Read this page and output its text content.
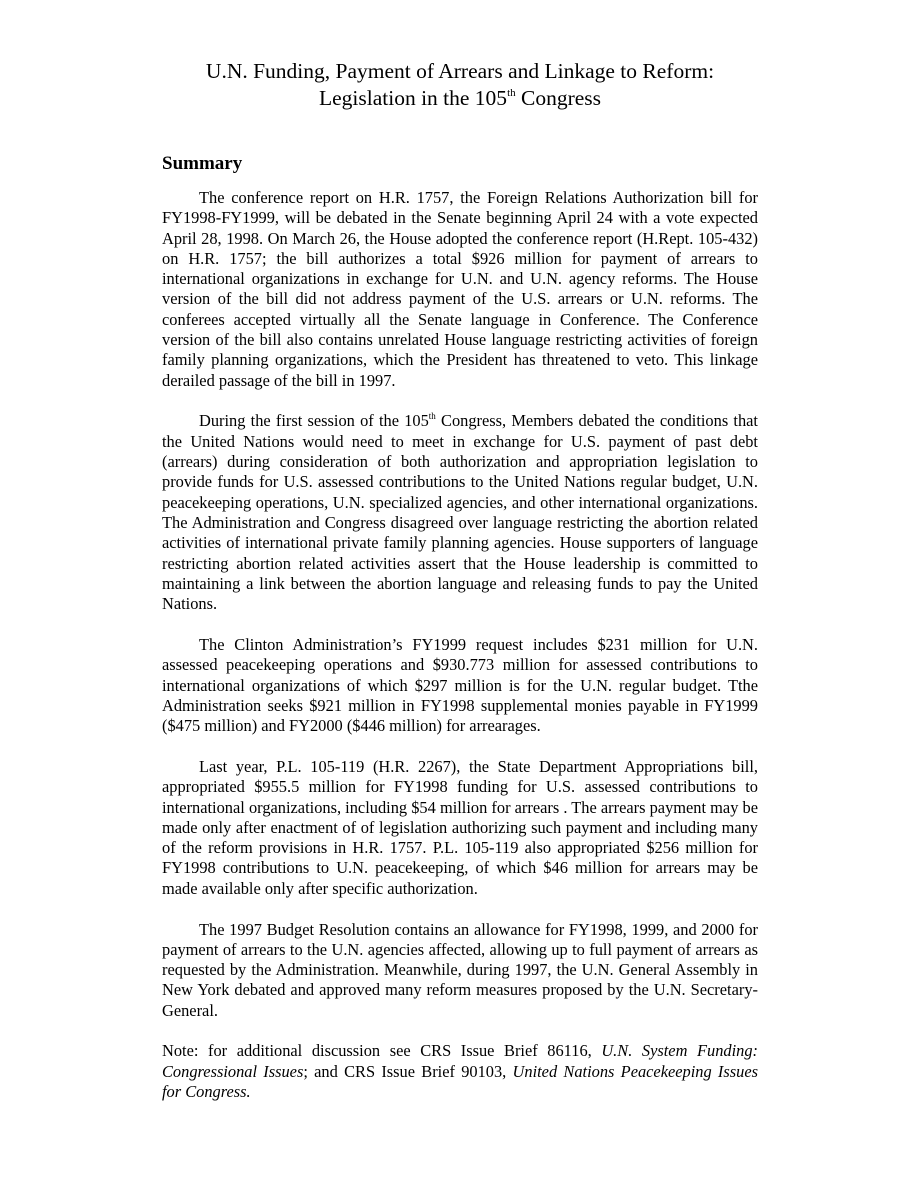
U.N. Funding, Payment of Arrears and Linkage to Reform:
Legislation in the 105th Congress
Summary

The conference report on H.R. 1757, the Foreign Relations Authorization bill for FY1998-FY1999, will be debated in the Senate beginning April 24 with a vote expected April 28, 1998. On March 26, the House adopted the conference report (H.Rept. 105-432) on H.R. 1757; the bill authorizes a total $926 million for payment of arrears to international organizations in exchange for U.N. and U.N. agency reforms. The House version of the bill did not address payment of the U.S. arrears or U.N. reforms. The conferees accepted virtually all the Senate language in Conference. The Conference version of the bill also contains unrelated House language restricting activities of foreign family planning organizations, which the President has threatened to veto. This linkage derailed passage of the bill in 1997.

During the first session of the 105th Congress, Members debated the conditions that the United Nations would need to meet in exchange for U.S. payment of past debt (arrears) during consideration of both authorization and appropriation legislation to provide funds for U.S. assessed contributions to the United Nations regular budget, U.N. peacekeeping operations, U.N. specialized agencies, and other international organizations. The Administration and Congress disagreed over language restricting the abortion related activities of international private family planning agencies. House supporters of language restricting abortion related activities assert that the House leadership is committed to maintaining a link between the abortion language and releasing funds to pay the United Nations.

The Clinton Administration’s FY1999 request includes $231 million for U.N. assessed peacekeeping operations and $930.773 million for assessed contributions to international organizations of which $297 million is for the U.N. regular budget. Tthe Administration seeks $921 million in FY1998 supplemental monies payable in FY1999 ($475 million) and FY2000 ($446 million) for arrearages.

Last year, P.L. 105-119 (H.R. 2267), the State Department Appropriations bill, appropriated $955.5 million for FY1998 funding for U.S. assessed contributions to international organizations, including $54 million for arrears . The arrears payment may be made only after enactment of of legislation authorizing such payment and including many of the reform provisions in H.R. 1757. P.L. 105-119 also appropriated $256 million for FY1998 contributions to U.N. peacekeeping, of which $46 million for arrears may be made available only after specific authorization.

The 1997 Budget Resolution contains an allowance for FY1998, 1999, and 2000 for payment of arrears to the U.N. agencies affected, allowing up to full payment of arrears as requested by the Administration. Meanwhile, during 1997, the U.N. General Assembly in New York debated and approved many reform measures proposed by the U.N. Secretary-General.

Note: for additional discussion see CRS Issue Brief 86116, U.N. System Funding: Congressional Issues; and CRS Issue Brief 90103, United Nations Peacekeeping Issues for Congress.
